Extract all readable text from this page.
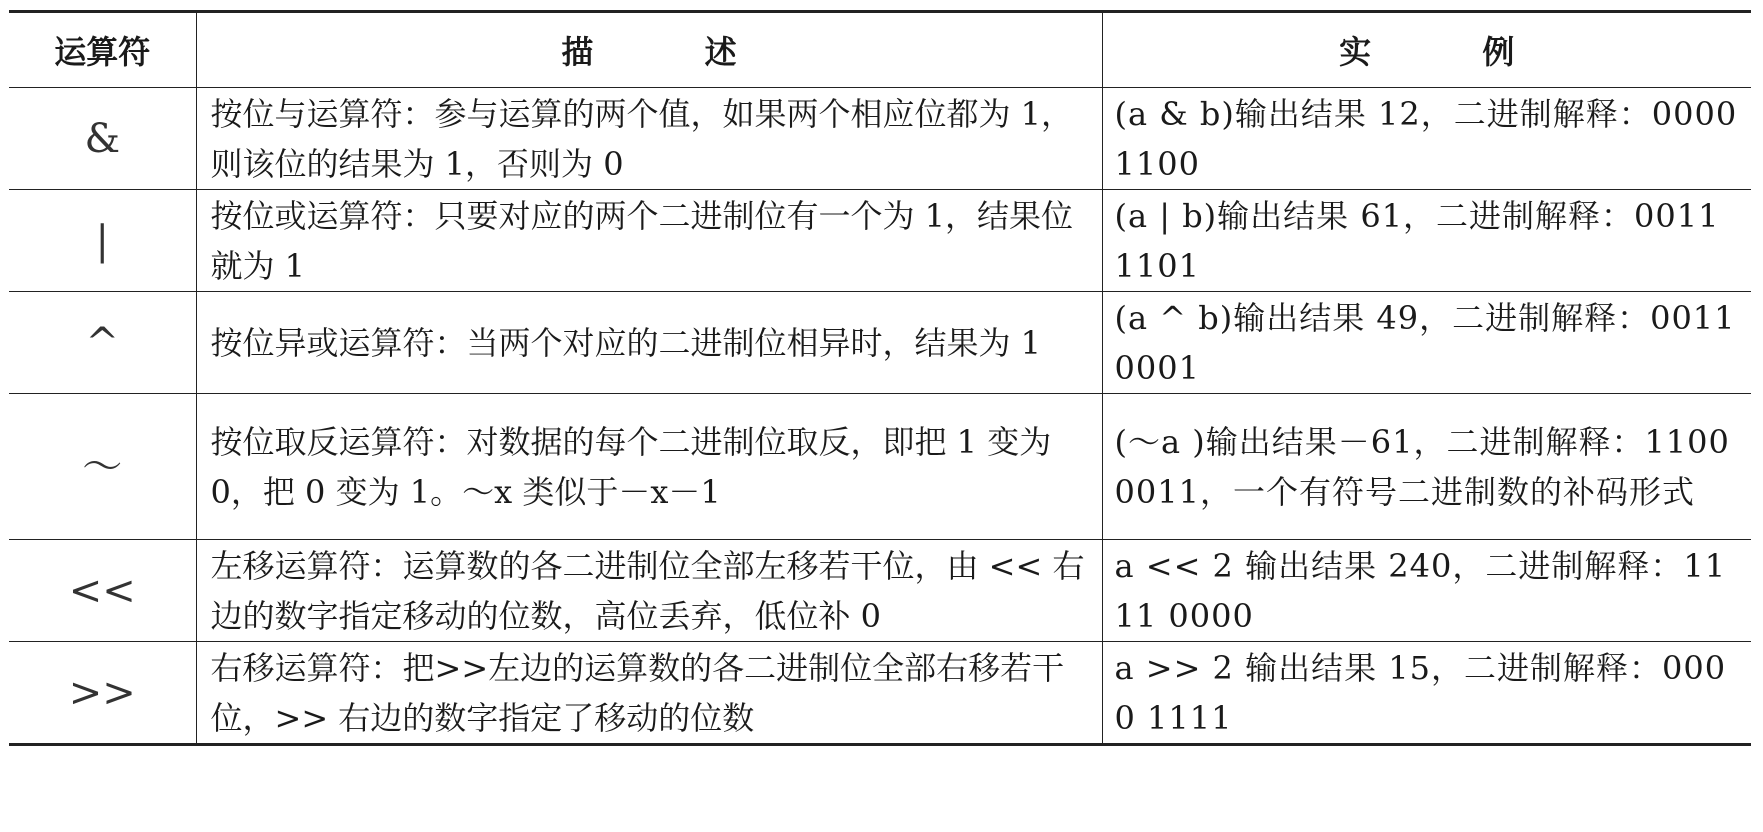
运算符	描 述	实 例
&	按位与运算符：参与运算的两个值，如果两个相应位都为 1，则该位的结果为 1，否则为 0	(a & b)输出结果 12，二进制解释：0000 1100
|	按位或运算符：只要对应的两个二进制位有一个为 1，结果位就为 1	(a | b)输出结果 61，二进制解释：0011 1101
^	按位异或运算符：当两个对应的二进制位相异时，结果为 1	(a ^ b)输出结果 49，二进制解释：0011 0001
～	按位取反运算符：对数据的每个二进制位取反，即把 1 变为 0，把 0 变为 1。～x 类似于－x－1	(～a )输出结果－61，二进制解释：1100 0011，一个有符号二进制数的补码形式
<<	左移运算符：运算数的各二进制位全部左移若干位，由 << 右边的数字指定移动的位数，高位丢弃，低位补 0	a << 2 输出结果 240，二进制解释：1111 0000
>>	右移运算符：把>>左边的运算数的各二进制位全部右移若干位，>> 右边的数字指定了移动的位数	a >> 2 输出结果 15，二进制解释：0000 1111
